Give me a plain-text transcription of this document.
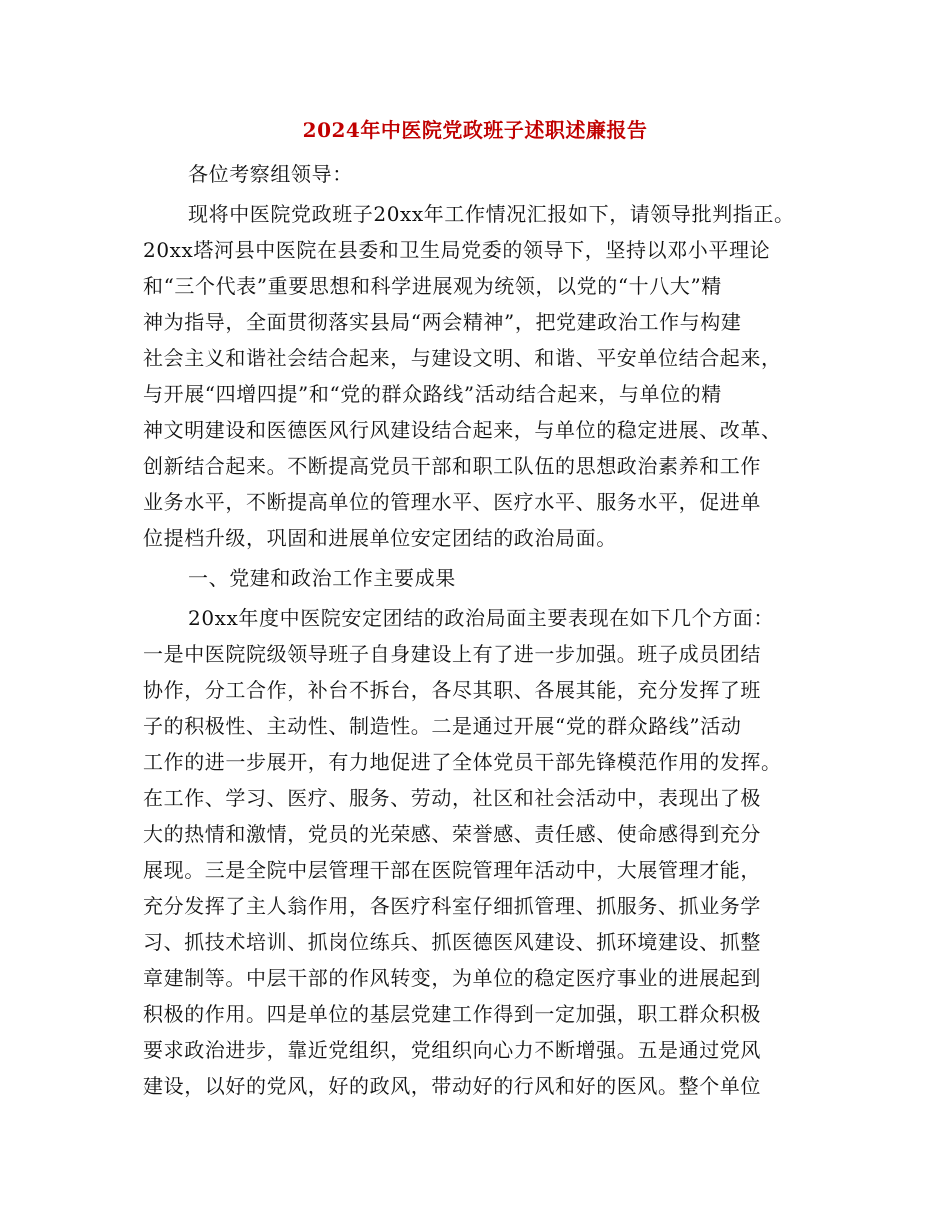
2024年中医院党政班子述职述廉报告
各位考察组领导：
现将中医院党政班子20xx年工作情况汇报如下，请领导批判指正。
20xx塔河县中医院在县委和卫生局党委的领导下，坚持以邓小平理论
和“三个代表”重要思想和科学进展观为统领，以党的“十八大”精
神为指导，全面贯彻落实县局“两会精神”，把党建政治工作与构建
社会主义和谐社会结合起来，与建设文明、和谐、平安单位结合起来，
与开展“四增四提”和“党的群众路线”活动结合起来，与单位的精
神文明建设和医德医风行风建设结合起来，与单位的稳定进展、改革、
创新结合起来。不断提高党员干部和职工队伍的思想政治素养和工作
业务水平，不断提高单位的管理水平、医疗水平、服务水平，促进单
位提档升级，巩固和进展单位安定团结的政治局面。
一、党建和政治工作主要成果
20xx年度中医院安定团结的政治局面主要表现在如下几个方面：
一是中医院院级领导班子自身建设上有了进一步加强。班子成员团结
协作，分工合作，补台不拆台，各尽其职、各展其能，充分发挥了班
子的积极性、主动性、制造性。二是通过开展“党的群众路线”活动
工作的进一步展开，有力地促进了全体党员干部先锋模范作用的发挥。
在工作、学习、医疗、服务、劳动，社区和社会活动中，表现出了极
大的热情和激情，党员的光荣感、荣誉感、责任感、使命感得到充分
展现。三是全院中层管理干部在医院管理年活动中，大展管理才能，
充分发挥了主人翁作用，各医疗科室仔细抓管理、抓服务、抓业务学
习、抓技术培训、抓岗位练兵、抓医德医风建设、抓环境建设、抓整
章建制等。中层干部的作风转变，为单位的稳定医疗事业的进展起到
积极的作用。四是单位的基层党建工作得到一定加强，职工群众积极
要求政治进步，靠近党组织，党组织向心力不断增强。五是通过党风
建设，以好的党风，好的政风，带动好的行风和好的医风。整个单位
